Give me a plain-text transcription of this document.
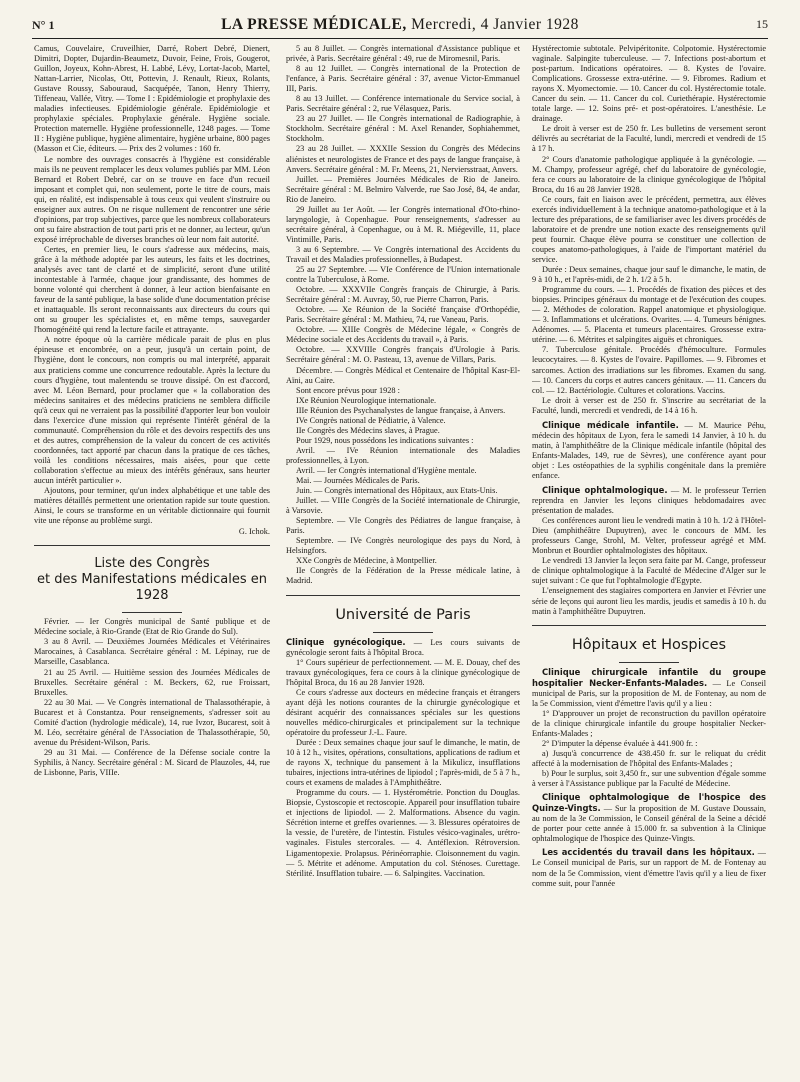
N° 1	LA PRESSE MÉDICALE, Mercredi, 4 Janvier 1928	15

Camus, Couvelaire, Cruveilhier, Darré, Robert Debré, Dienert, Dimitri, Dopter, Dujardin-Beaumetz, Duvoir, Feine, Frois, Gougerot, Guillon, Joyeux, Kohn-Abrest, H. Labbé, Lévy, Lortat-Jacob, Martel, Nattan-Larrier, Nicolas, Ott, Pottevin, J. Renault, Rieux, Rolants, Gustave Roussy, Sabouraud, Sacquépée, Tanon, Henry Thierry, Tiffeneau, Vallée, Vitry. — Tome I : Epidémiologie et prophylaxie des maladies infectieuses. Epidémiologie générale. Epidémiologie et prophylaxie spéciales. Prophylaxie générale. Hygiène sociale. Protection maternelle. Hygiène professionnelle, 1248 pages. — Tome II : Hygiène publique, hygiène alimentaire, hygiène urbaine, 800 pages (Masson et Cie, éditeurs. — Prix des 2 volumes : 160 fr.

Le nombre des ouvrages consacrés à l'hygiène est considérable mais ils ne peuvent remplacer les deux volumes publiés par MM. Léon Bernard et Robert Debré, car on se trouve en face d'un recueil imposant et complet qui, non seulement, porte le titre de cours, mais qui, en réalité, est indispensable à tous ceux qui veulent s'instruire ou enseigner aux autres. On ne risque nullement de rencontrer une série d'opinions, par trop subjectives, parce que les nombreux collaborateurs ont su faire abstraction de tout parti pris et ne donner, au lecteur, qu'un exposé irréprochable de diverses branches où leur nom fait autorité.

Certes, en premier lieu, le cours s'adresse aux médecins, mais, grâce à la méthode adoptée par les auteurs, les faits et les doctrines, analysés avec tant de clarté et de simplicité, seront d'une utilité incontestable à l'armée, chaque jour grandissante, des hommes de bonne volonté qui cherchent à donner, à leur action bienfaisante en faveur de la santé publique, la base solide d'une documentation précise et inattaquable. Ils seront reconnaissants aux directeurs du cours qui ont su grouper les spécialistes et, en même temps, sauvegarder l'homogénéité qui rend la lecture facile et attrayante.

A notre époque où la carrière médicale parait de plus en plus épineuse et encombrée, on a peur, jusqu'à un certain point, de l'hygiène, dont le concours, non compris ou mal interprété, apparait aux praticiens comme une concurrence redoutable. Après la lecture du cours d'hygiène, tout malentendu se trouve dissipé. On est d'accord, avec M. Léon Bernard, pour proclamer que « la collaboration des médecins sanitaires et des médecins praticiens ne semblera difficile qu'à ceux qui ne verraient pas la possibilité d'apporter leur bon vouloir dans l'exercice d'une mission qui représente l'intérêt général de la communauté. Compréhension du rôle et des devoirs respectifs des uns et des autres, compréhension de la valeur du concert de ces activités coordonnées, tact apporté par chacun dans la pratique de ces tâches, voilà les conditions nécessaires, mais aisées, pour que cette collaboration s'effectue au mieux des intérêts généraux, sans heurter aucun intérêt particulier ».

Ajoutons, pour terminer, qu'un index alphabétique et une table des matières détaillés permettent une orientation rapide sur toute question. Ainsi, le cours se transforme en un véritable dictionnaire qui fournit vite une réponse au problème surgi.

G. Ichok.
Liste des Congrès
et des Manifestations médicales en 1928

Février. — Ier Congrès municipal de Santé publique et de Médecine sociale, à Rio-Grande (Etat de Rio Grande do Sul).

3 au 8 Avril. — Deuxièmes Journées Médicales et Vétérinaires Marocaines, à Casablanca. Secrétaire général : M. Lépinay, rue de Marseille, Casablanca.

21 au 25 Avril. — Huitième session des Journées Médicales de Bruxelles. Secrétaire général : M. Beckers, 62, rue Froissart, Bruxelles.

22 au 30 Mai. — Ve Congrès international de Thalassothérapie, à Bucarest et à Constantza. Pour renseignements, s'adresser soit au Comité d'action (hydrologie médicale), 14, rue Ivzor, Bucarest, soit à M. Léo, secrétaire général de l'Association de Thalassothérapie, 50, avenue du Président-Wilson, Paris.

29 au 31 Mai. — Conférence de la Défense sociale contre la Syphilis, à Nancy. Secrétaire général : M. Sicard de Plauzoles, 44, rue de Lisbonne, Paris, VIIIe.

5 au 8 Juillet. — Congrès international d'Assistance publique et privée, à Paris. Secrétaire général : 49, rue de Miromesnil, Paris.

8 au 12 Juillet. — Congrès international de la Protection de l'enfance, à Paris. Secrétaire général : 37, avenue Victor-Emmanuel III, Paris.

8 au 13 Juillet. — Conférence internationale du Service social, à Paris. Secrétaire général : 2, rue Vélasquez, Paris.

23 au 27 Juillet. — IIe Congrès international de Radiographie, à Stockholm. Secrétaire général : M. Axel Renander, Sophiahemmet, Stockholm.

23 au 28 Juillet. — XXXIIe Session du Congrès des Médecins aliénistes et neurologistes de France et des pays de langue française, à Anvers. Secrétaire général : M. Fr. Meens, 21, Nerviersstraat, Anvers.

Juillet. — Premières Journées Médicales de Rio de Janeiro. Secrétaire général : M. Belmiro Valverde, rue Sao José, 84, 4e andar, Rio de Janeiro.

29 Juillet au 1er Août. — Ier Congrès international d'Oto-rhino-laryngologie, à Copenhague. Pour renseignements, s'adresser au secrétaire général, à Copenhague, ou à M. R. Miégeville, 11, place Vintimille, Paris.

3 au 6 Septembre. — Ve Congrès international des Accidents du Travail et des Maladies professionnelles, à Budapest.

25 au 27 Septembre. — VIe Conférence de l'Union internationale contre la Tuberculose, à Rome.

Octobre. — XXXVIIe Congrès français de Chirurgie, à Paris. Secrétaire général : M. Auvray, 50, rue Pierre Charron, Paris.

Octobre. — Xe Réunion de la Société française d'Orthopédie, Paris. Secrétaire général : M. Mathieu, 74, rue Vaneau, Paris.

Octobre. — XIIIe Congrès de Médecine légale, « Congrès de Médecine sociale et des Accidents du travail », à Paris.

Octobre. — XXVIIIe Congrès français d'Urologie à Paris. Secrétaire général : M. O. Pasteau, 13, avenue de Villars, Paris.

Décembre. — Congrès Médical et Centenaire de l'hôpital Kasr-El-Aïni, au Caire.

Sont encore prévus pour 1928 :

IXe Réunion Neurologique internationale.

IIIe Réunion des Psychanalystes de langue française, à Anvers.

IVe Congrès national de Pédiatrie, à Valence.

IIe Congrès des Médecins slaves, à Prague.

Pour 1929, nous possédons les indications suivantes :

Avril. — IVe Réunion internationale des Maladies professionnelles, à Lyon.

Avril. — Ier Congrès international d'Hygiène mentale.

Mai. — Journées Médicales de Paris.

Juin. — Congrès international des Hôpitaux, aux Etats-Unis.

Juillet. — VIIIe Congrès de la Société internationale de Chirurgie, à Varsovie.

Septembre. — VIe Congrès des Pédiatres de langue française, à Paris.

Septembre. — IVe Congrès neurologique des pays du Nord, à Helsingfors.

XXe Congrès de Médecine, à Montpellier.

IIe Congrès de la Fédération de la Presse médicale latine, à Madrid.

Université de Paris

Clinique gynécologique. — Les cours suivants de gynécologie seront faits à l'hôpital Broca.

1° Cours supérieur de perfectionnement. — M. E. Douay, chef des travaux gynécologiques, fera ce cours à la clinique gynécologique de l'hôpital Broca, du 16 au 28 Janvier 1928.

Ce cours s'adresse aux docteurs en médecine français et étrangers ayant déjà les notions courantes de la chirurgie gynécologique et désirant acquérir des connaissances spéciales sur les questions nouvelles médico-chirurgicales et principalement sur la technique opératoire du professeur J.-L. Faure.

Durée : Deux semaines chaque jour sauf le dimanche, le matin, de 10 à 12 h., visites, opérations, consultations, applications de radium et de rayons X, technique du pansement à la Mikulicz, insufflations tubaires, injections intra-utérines de lipiodol ; l'après-midi, de 5 à 7 h., cours et examens de malades à l'Amphithéâtre.

Programme du cours. — 1. Hystérométrie. Ponction du Douglas. Biopsie, Cystoscopie et rectoscopie. Appareil pour insufflation tubaire et injections de lipiodol. — 2. Malformations. Absence du vagin. Sécrétion interne et greffes ovariennes. — 3. Blessures opératoires de la vessie, de l'uretère, de l'intestin. Fistules vésico-vaginales, urétro-vaginales. Fistules stercorales. — 4. Antéflexion. Rétroversion. Ligamentopexie. Prolapsus. Périnéorraphie. Cloisonnement du vagin. — 5. Métrite et adénome. Amputation du col. Sténoses. Curettage. Stérilité. Insufflation tubaire. — 6. Salpingites. Vaccination.

Hystérectomie subtotale. Pelvipéritonite. Colpotomie. Hystérectomie vaginale. Salpingite tuberculeuse. — 7. Infections post-abortum et post-partum. Indications opératoires. — 8. Kystes de l'ovaire. Complications. Grossesse extra-utérine. — 9. Fibromes. Radium et rayons X. Myomectomie. — 10. Cancer du col. Hystérectomie totale. Cancer du sein. — 11. Cancer du col. Curiethérapie. Hystérectomie totale large. — 12. Soins pré- et post-opératoires. L'anesthésie. Le drainage.

Le droit à verser est de 250 fr. Les bulletins de versement seront délivrés au secrétariat de la Faculté, lundi, mercredi et vendredi de 15 à 17 h.

2° Cours d'anatomie pathologique appliquée à la gynécologie. — M. Champy, professeur agrégé, chef du laboratoire de gynécologie, fera ce cours au laboratoire de la clinique gynécologique de l'hôpital Broca, du 16 au 28 Janvier 1928.

Ce cours, fait en liaison avec le précédent, permettra, aux élèves exercés individuellement à la technique anatomo-pathologique et à la lecture des préparations, de se familiariser avec les divers procédés de laboratoire et de prendre une notion exacte des renseignements qu'il peut fournir. Chaque élève pourra se constituer une collection de coupes anatomo-pathologiques, à l'aide de l'important matériel du service.

Durée : Deux semaines, chaque jour sauf le dimanche, le matin, de 9 à 10 h., et l'après-midi, de 2 h. 1/2 à 5 h.

Programme du cours. — 1. Procédés de fixation des pièces et des biopsies. Principes généraux du montage et de l'exécution des coupes. — 2. Méthodes de coloration. Rappel anatomique et physiologique. — 3. Inflammations et ulcérations. Ovarites. — 4. Tumeurs bénignes. Adénomes. — 5. Placenta et tumeurs placentaires. Grossesse extra-utérine. — 6. Métrites et salpingites aiguës et chroniques.

7. Tuberculose génitale. Procédés d'hémoculture. Formules leucocytaires. — 8. Kystes de l'ovaire. Papillomes. — 9. Fibromes et sarcomes. Action des irradiations sur les fibromes. Examen du sang. — 10. Cancers du corps et autres cancers génitaux. — 11. Cancers du col. — 12. Bactériologie. Cultures et colorations. Vaccins.

Le droit à verser est de 250 fr. S'inscrire au secrétariat de la Faculté, lundi, mercredi et vendredi, de 14 à 16 h.

Clinique médicale infantile. — M. Maurice Péhu, médecin des hôpitaux de Lyon, fera le samedi 14 Janvier, à 10 h. du matin, à l'amphithéâtre de la Clinique médicale infantile (hôpital des Enfants-Malades, 149, rue de Sèvres), une conférence ayant pour objet : Les ostéopathies de la syphilis congénitale dans la première enfance.

Clinique ophtalmologique. — M. le professeur Terrien reprendra en Janvier les leçons cliniques hebdomadaires avec présentation de malades.

Ces conférences auront lieu le vendredi matin à 10 h. 1/2 à l'Hôtel-Dieu (amphithéâtre Dupuytren), avec le concours de MM. les professeurs Cange, Strohl, M. Velter, professeur agrégé et MM. Monbrun et Bourdier ophtalmologistes des hôpitaux.

Le vendredi 13 Janvier la leçon sera faite par M. Cange, professeur de clinique ophtalmologique à la Faculté de Médecine d'Alger sur le sujet suivant : Ce que fut l'ophtalmologie d'Egypte.

L'enseignement des stagiaires comportera en Janvier et Février une série de leçons qui auront lieu les mardis, jeudis et samedis à 10 h. du matin à l'amphithéâtre Dupuytren.

Hôpitaux et Hospices

Clinique chirurgicale infantile du groupe hospitalier Necker-Enfants-Malades. — Le Conseil municipal de Paris, sur la proposition de M. de Fontenay, au nom de la 5e Commission, vient d'émettre l'avis qu'il y a lieu :

1° D'approuver un projet de reconstruction du pavillon opératoire de la clinique chirurgicale infantile du groupe hospitalier Necker-Enfants-Malades ;

2° D'imputer la dépense évaluée à 441.900 fr. :

a) Jusqu'à concurrence de 438.450 fr. sur le reliquat du crédit affecté à la modernisation de l'hôpital des Enfants-Malades ;

b) Pour le surplus, soit 3,450 fr., sur une subvention d'égale somme à verser à l'Assistance publique par la Faculté de Médecine.

Clinique ophtalmologique de l'hospice des Quinze-Vingts. — Sur la proposition de M. Gustave Doussain, au nom de la 3e Commission, le Conseil général de la Seine a décidé de porter pour cette année à 15.000 fr. sa subvention à la Clinique ophtalmologique de l'hospice des Quinze-Vingts.

Les accidentés du travail dans les hôpitaux. — Le Conseil municipal de Paris, sur un rapport de M. de Fontenay au nom de la 5e Commission, vient d'émettre l'avis qu'il y a lieu de fixer comme suit, pour l'année
